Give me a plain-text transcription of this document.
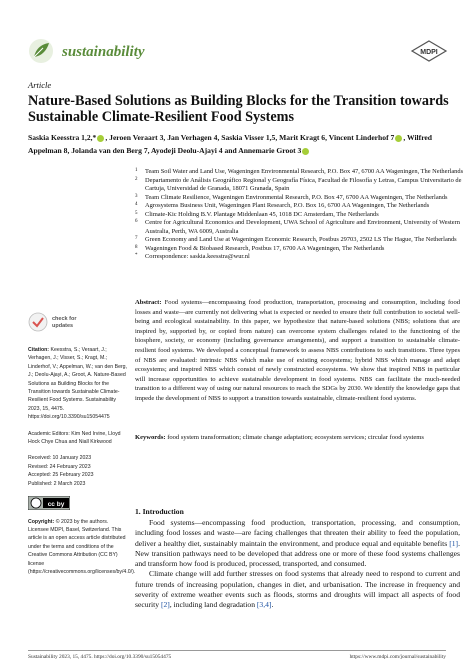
sustainability	MDPI
Article
Nature-Based Solutions as Building Blocks for the Transition towards Sustainable Climate-Resilient Food Systems
Saskia Keesstra 1,2,* , Jeroen Veraart 3, Jan Verhagen 4, Saskia Visser 1,5, Marit Kragt 6, Vincent Linderhof 7 , Wilfred Appelman 8, Jolanda van den Berg 7, Ayodeji Deolu-Ajayi 4 and Annemarie Groot 3
1 Team Soil Water and Land Use, Wageningen Environmental Research, P.O. Box 47, 6700 AA Wageningen, The Netherlands
2 Departamento de Análisis Geográfico Regional y Geografía Física, Facultad de Filosofía y Letras, Campus Universitario de Cartuja, Universidad de Granada, 18071 Granada, Spain
3 Team Climate Resilience, Wageningen Environmental Research, P.O. Box 47, 6700 AA Wageningen, The Netherlands
4 Agrosystems Business Unit, Wageningen Plant Research, P.O. Box 16, 6700 AA Wageningen, The Netherlands
5 Climate-Kic Holding B.V. Plantage Middenlaan 45, 1018 DC Amsterdam, The Netherlands
6 Centre for Agricultural Economics and Development, UWA School of Agriculture and Environment, University of Western Australia, Perth, WA 6009, Australia
7 Green Economy and Land Use at Wageningen Economic Research, Postbus 29703, 2502 LS The Hague, The Netherlands
8 Wageningen Food & Biobased Research, Postbus 17, 6700 AA Wageningen, The Netherlands
* Correspondence: saskia.keesstra@wur.nl
check for
updates
Citation: Keesstra, S.; Veraart, J.; Verhagen, J.; Visser, S.; Kragt, M.; Linderhof, V.; Appelman, W.; van den Berg, J.; Deolu-Ajayi, A.; Groot, A. Nature-Based Solutions as Building Blocks for the Transition towards Sustainable Climate-Resilient Food Systems. Sustainability 2023, 15, 4475. https://doi.org/10.3390/su15054475
Academic Editors: Kim Ned Irvine, Lloyd Hock Chye Chua and Niall Kirkwood
Received: 10 January 2023
Revised: 24 February 2023
Accepted: 25 February 2023
Published: 2 March 2023
cc by
Copyright: © 2023 by the authors. Licensee MDPI, Basel, Switzerland. This article is an open access article distributed under the terms and conditions of the Creative Commons Attribution (CC BY) license (https://creativecommons.org/licenses/by/4.0/).
Abstract: Food systems—encompassing food production, transportation, processing and consumption, including food losses and waste—are currently not delivering what is expected or needed to ensure their full contribution to societal well-being and ecological sustainability. In this paper, we hypothesize that nature-based solutions (NBS; solutions that are inspired by, supported by, or copied from nature) can overcome system challenges related to the functioning of the biosphere, society, or economy (including governance arrangements), and support a transition to sustainable climate-resilient food systems. We developed a conceptual framework to assess NBS contributions to such transitions. Three types of NBS are evaluated: intrinsic NBS which make use of existing ecosystems; hybrid NBS which manage and adapt ecosystems; and inspired NBS which consist of newly constructed ecosystems. We show that inspired NBS in particular will increase opportunities to achieve sustainable development in food systems. NBS can facilitate the much-needed transition to a different way of using our natural resources to reach the SDGs by 2030. We identify the knowledge gaps that impede the development of NBS to support a transition towards sustainable, climate-resilient food systems.
Keywords: food system transformation; climate change adaptation; ecosystem services; circular food systems
1. Introduction

Food systems—encompassing food production, transportation, processing, and consumption, including food losses and waste—are facing challenges that threaten their ability to feed the population, deliver a healthy diet, sustainably maintain the environment, and produce equal and equitable benefits [1]. New transition pathways need to be developed that address one or more of these food systems challenges and transform how food is produced, processed, transported, and consumed.

Climate change will add further stresses on food systems that already need to respond to current and future trends of increasing population, changes in diet, and urbanisation. The increase in frequency and severity of extreme weather events such as floods, storms and droughts will impact all aspects of food security [2], including land degradation [3,4].

Sustainability 2023, 15, 4475. https://doi.org/10.3390/su15054475	https://www.mdpi.com/journal/sustainability
